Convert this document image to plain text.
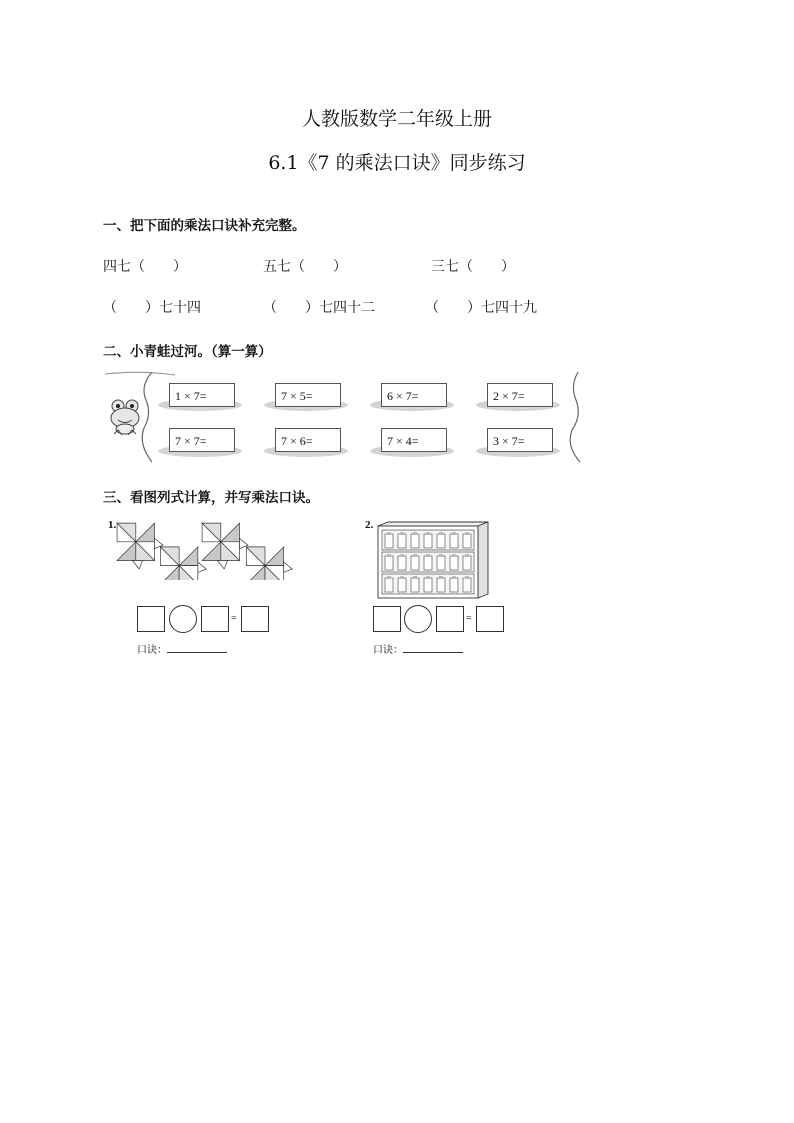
人教版数学二年级上册
6.1《7 的乘法口诀》同步练习
一、把下面的乘法口诀补充完整。
四七（　　）	五七（　　）	三七（　　）
（　　）七十四	（　　）七四十二	（　　）七四十九
二、小青蛙过河。（算一算）
1 × 7=	7 × 5=	6 × 7=	2 × 7=
7 × 7=	7 × 6=	7 × 4=	3 × 7=
三、看图列式计算，并写乘法口诀。
1.
=
口诀：
2.
=
口诀：
